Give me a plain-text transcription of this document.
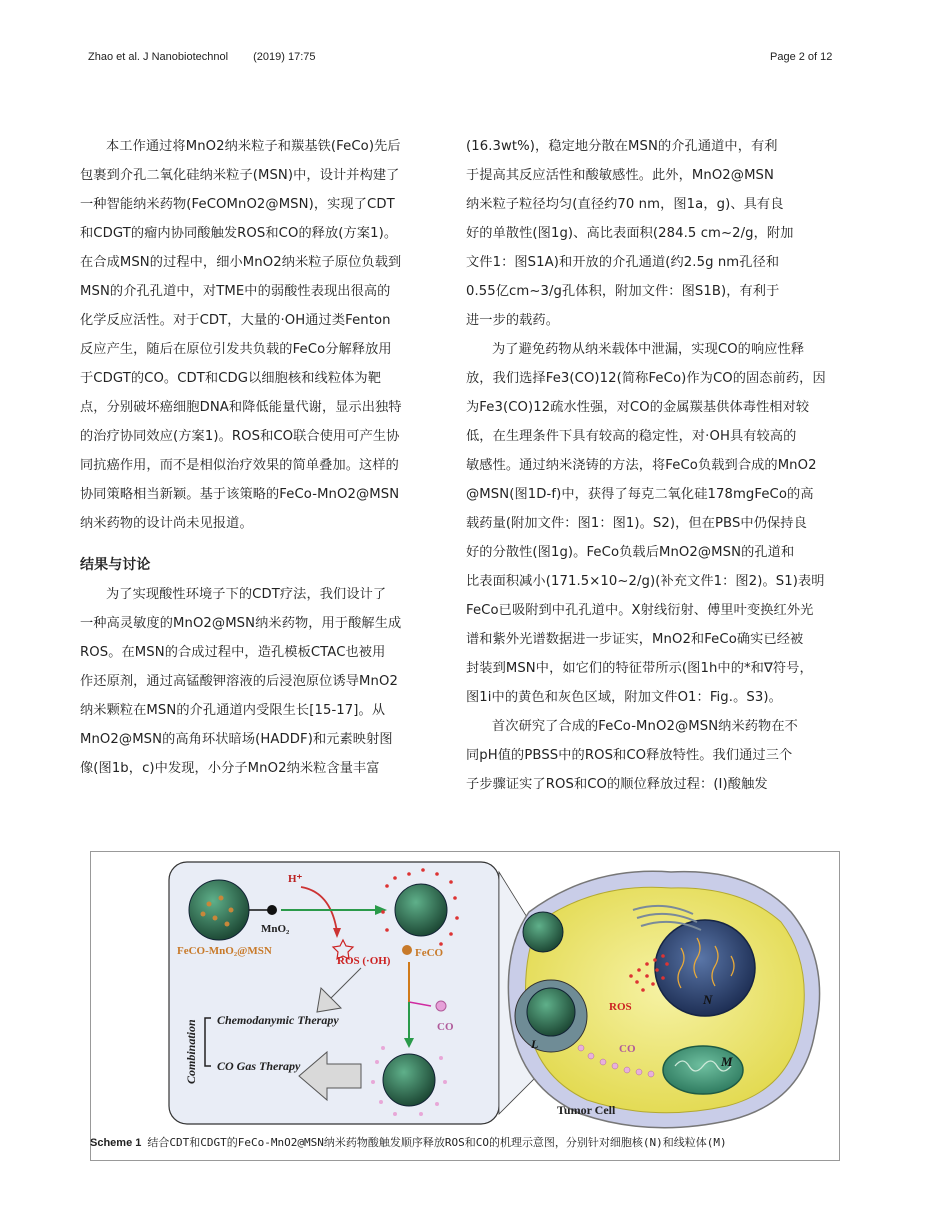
Zhao et al. J Nanobiotechnol (2019) 17:75	Page 2 of 12
本工作通过将MnO2纳米粒子和羰基铁(FeCo)先后
包裹到介孔二氧化硅纳米粒子(MSN)中，设计并构建了
一种智能纳米药物(FeCOMnO2@MSN)，实现了CDT
和CDGT的瘤内协同酸触发ROS和CO的释放(方案1)。
在合成MSN的过程中，细小MnO2纳米粒子原位负载到
MSN的介孔孔道中，对TME中的弱酸性表现出很高的
化学反应活性。对于CDT，大量的·OH通过类Fenton
反应产生，随后在原位引发共负载的FeCo分解释放用
于CDGT的CO。CDT和CDG以细胞核和线粒体为靶
点，分别破坏癌细胞DNA和降低能量代谢，显示出独特
的治疗协同效应(方案1)。ROS和CO联合使用可产生协
同抗癌作用，而不是相似治疗效果的简单叠加。这样的
协同策略相当新颖。基于该策略的FeCo-MnO2@MSN
纳米药物的设计尚未见报道。
结果与讨论
为了实现酸性环境子下的CDT疗法，我们设计了
一种高灵敏度的MnO2@MSN纳米药物，用于酸解生成
ROS。在MSN的合成过程中，造孔模板CTAC也被用
作还原剂，通过高锰酸钾溶液的后浸泡原位诱导MnO2
纳米颗粒在MSN的介孔通道内受限生长[15-17]。从
MnO2@MSN的高角环状暗场(HADDF)和元素映射图
像(图1b，c)中发现，小分子MnO2纳米粒含量丰富
(16.3wt%)，稳定地分散在MSN的介孔通道中，有利
于提高其反应活性和酸敏感性。此外，MnO2@MSN
纳米粒子粒径均匀(直径约70 nm，图1a，g)、具有良
好的单散性(图1g)、高比表面积(284.5 cm~2/g，附加
文件1：图S1A)和开放的介孔通道(约2.5g nm孔径和
0.55亿cm~3/g孔体积，附加文件：图S1B)，有利于
进一步的载药。
为了避免药物从纳米载体中泄漏，实现CO的响应性释
放，我们选择Fe3(CO)12(简称FeCo)作为CO的固态前药，因
为Fe3(CO)12疏水性强，对CO的金属羰基供体毒性相对较
低，在生理条件下具有较高的稳定性，对·OH具有较高的
敏感性。通过纳米浇铸的方法，将FeCo负载到合成的MnO2
@MSN(图1D-f)中，获得了每克二氧化硅178mgFeCo的高
载药量(附加文件：图1：图1)。S2)，但在PBS中仍保持良
好的分散性(图1g)。FeCo负载后MnO2@MSN的孔道和
比表面积减小(171.5×10~2/g)(补充文件1：图2)。S1)表明
FeCo已吸附到中孔孔道中。X射线衍射、傅里叶变换红外光
谱和紫外光谱数据进一步证实，MnO2和FeCo确实已经被
封装到MSN中，如它们的特征带所示(图1h中的*和∇符号，
图1i中的黄色和灰色区域，附加文件O1：Fig.。S3)。
首次研究了合成的FeCo-MnO2@MSN纳米药物在不
同pH值的PBSS中的ROS和CO释放特性。我们通过三个
子步骤证实了ROS和CO的顺位释放过程：(I)酸触发
MnO₂
FeCO-MnO₂@MSN
H⁺
ROS (·OH)
FeCO
CO
Combination Chemodanymic Therapy
CO Gas Therapy
N
ROS
M
CO
L
Tumor Cell
Scheme 1 结合CDT和CDGT的FeCo-MnO2@MSN纳米药物酸触发顺序释放ROS和CO的机理示意图，分别针对细胞核(N)和线粒体(M)
